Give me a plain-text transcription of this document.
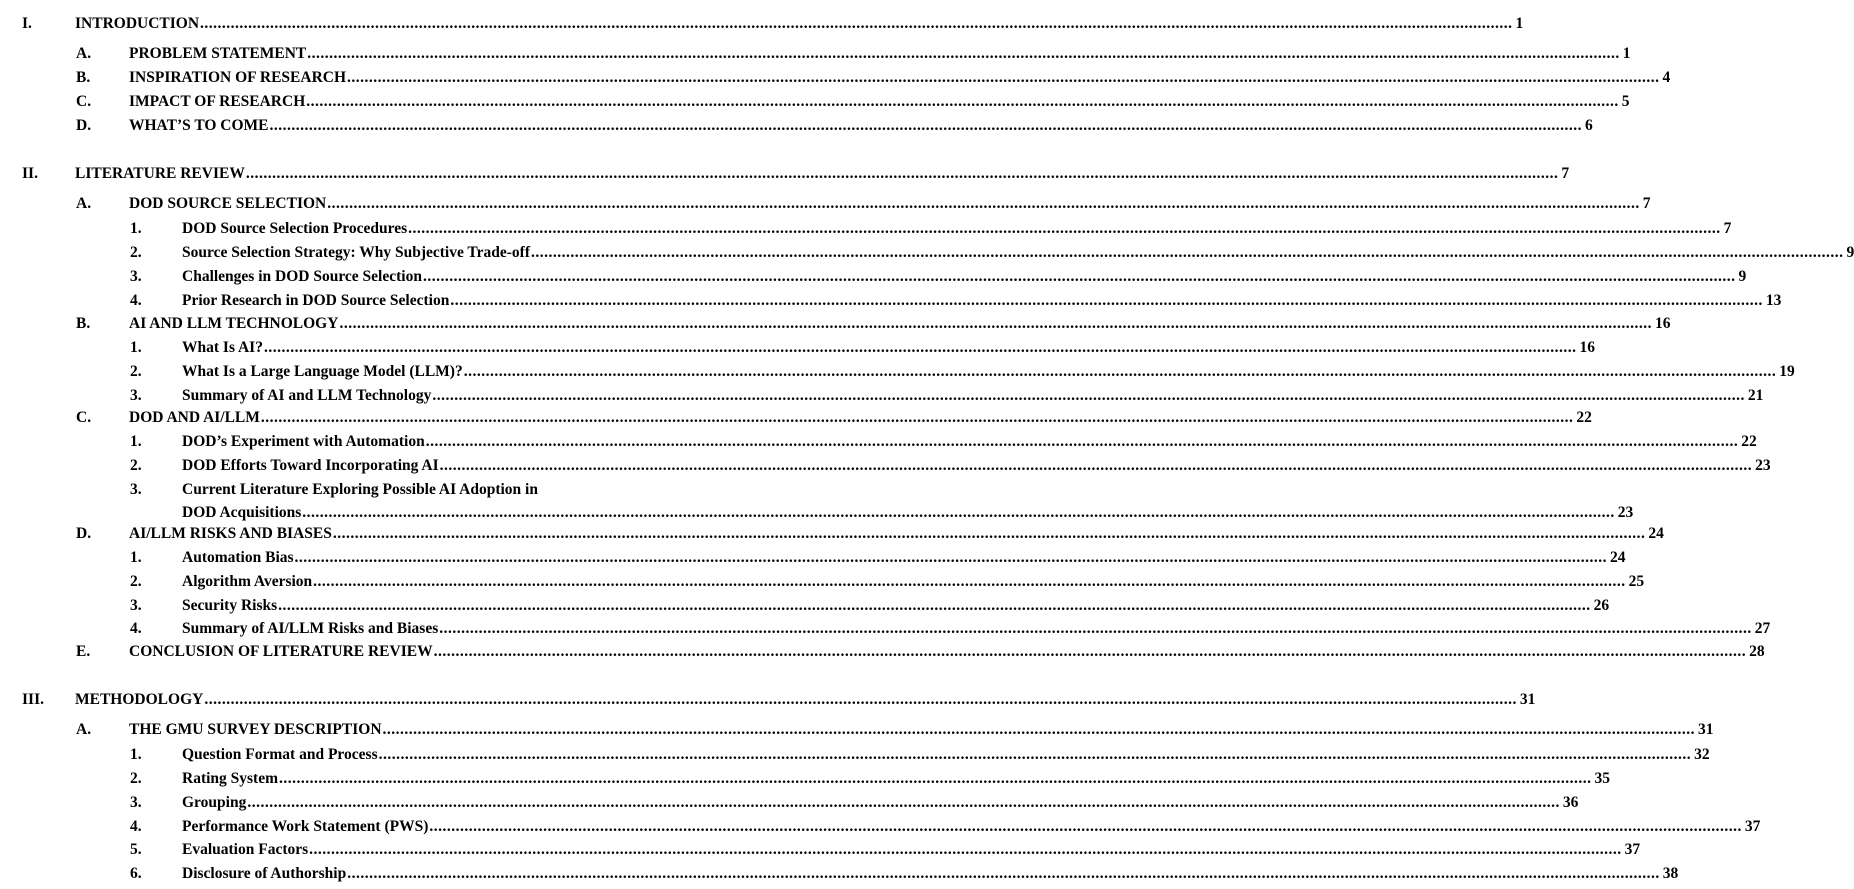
I.	INTRODUCTION ............................................................................................................................................................................................................................................................................................................ 1
A. PROBLEM STATEMENT ............................................................................................................................................................................................................................................................................................................ 1
B.	INSPIRATION OF RESEARCH ............................................................................................................................................................................................................................................................................................................ 4
C. IMPACT OF RESEARCH ............................................................................................................................................................................................................................................................................................................ 5
D. WHAT’S TO COME ............................................................................................................................................................................................................................................................................................................ 6
II. LITERATURE REVIEW ............................................................................................................................................................................................................................................................................................................ 7
A. DOD SOURCE SELECTION ............................................................................................................................................................................................................................................................................................................ 7
1.	DOD Source Selection Procedures ............................................................................................................................................................................................................................................................................................................ 7
2.	Source Selection Strategy: Why Subjective Trade-off ............................................................................................................................................................................................................................................................................................................ 9
3.	Challenges in DOD Source Selection ............................................................................................................................................................................................................................................................................................................ 9
4.	Prior Research in DOD Source Selection ............................................................................................................................................................................................................................................................................................................ 13
B.	AI AND LLM TECHNOLOGY ............................................................................................................................................................................................................................................................................................................ 16
1.	What Is AI? ............................................................................................................................................................................................................................................................................................................ 16
2.	What Is a Large Language Model (LLM)? ............................................................................................................................................................................................................................................................................................................ 19
3.	Summary of AI and LLM Technology ............................................................................................................................................................................................................................................................................................................ 21
C. DOD AND AI/LLM ............................................................................................................................................................................................................................................................................................................ 22
1.	DOD’s Experiment with Automation ............................................................................................................................................................................................................................................................................................................ 22
2.	DOD Efforts Toward Incorporating AI ............................................................................................................................................................................................................................................................................................................ 23
3.	Current Literature Exploring Possible AI Adoption in
DOD Acquisitions ............................................................................................................................................................................................................................................................................................................ 23
D. AI/LLM RISKS AND BIASES ............................................................................................................................................................................................................................................................................................................ 24
1.	Automation Bias ............................................................................................................................................................................................................................................................................................................ 24
2.	Algorithm Aversion ............................................................................................................................................................................................................................................................................................................ 25
3.	Security Risks ............................................................................................................................................................................................................................................................................................................ 26
4.	Summary of AI/LLM Risks and Biases ............................................................................................................................................................................................................................................................................................................ 27
E.	CONCLUSION OF LITERATURE REVIEW ............................................................................................................................................................................................................................................................................................................ 28
III. METHODOLOGY ............................................................................................................................................................................................................................................................................................................ 31
A. THE GMU SURVEY DESCRIPTION ............................................................................................................................................................................................................................................................................................................ 31
1.	Question Format and Process ............................................................................................................................................................................................................................................................................................................ 32
2.	Rating System ............................................................................................................................................................................................................................................................................................................ 35
3.	Grouping ............................................................................................................................................................................................................................................................................................................ 36
4.	Performance Work Statement (PWS) ............................................................................................................................................................................................................................................................................................................ 37
5.	Evaluation Factors ............................................................................................................................................................................................................................................................................................................ 37
6.	Disclosure of Authorship ............................................................................................................................................................................................................................................................................................................ 38
